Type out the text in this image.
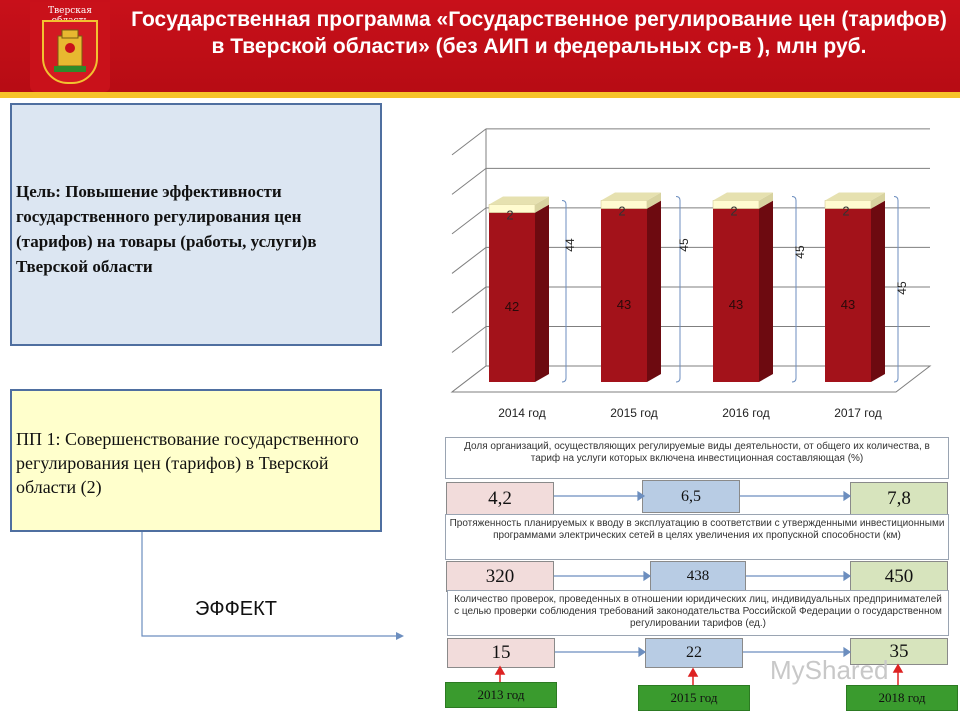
Тверская	Государственная программа «Государственное регулирование цен (тарифов) в Тверской области» (без АИП и федеральных ср-в ), млн руб.
Цель: Повышение эффективности государственного регулирования цен (тарифов) на товары (работы, услуги)в Тверской области
ПП 1: Совершенствование государственного регулирования цен (тарифов) в Тверской области (2)
ЭФФЕКТ
42
2
2014 год
44
43
2
2015 год
45
43
2
2016 год
45
43
2
2017 год
45
Доля организаций, осуществляющих регулируемые виды деятельности, от общего их количества, в тариф на услуги которых включена инвестиционная составляющая (%)
4,2	6,5	7,8
Протяженность планируемых к вводу в эксплуатацию в соответствии с утвержденными инвестиционными программами электрических сетей в целях увеличения их пропускной способности (км)
320	438	450
Количество проверок, проведенных в отношении юридических лиц, индивидуальных предпринимателей с целью проверки соблюдения требований законодательства Российской Федерации о государственном регулировании тарифов (ед.)
15	22	35
2013 год	2015 год	2018 год
MyShared
